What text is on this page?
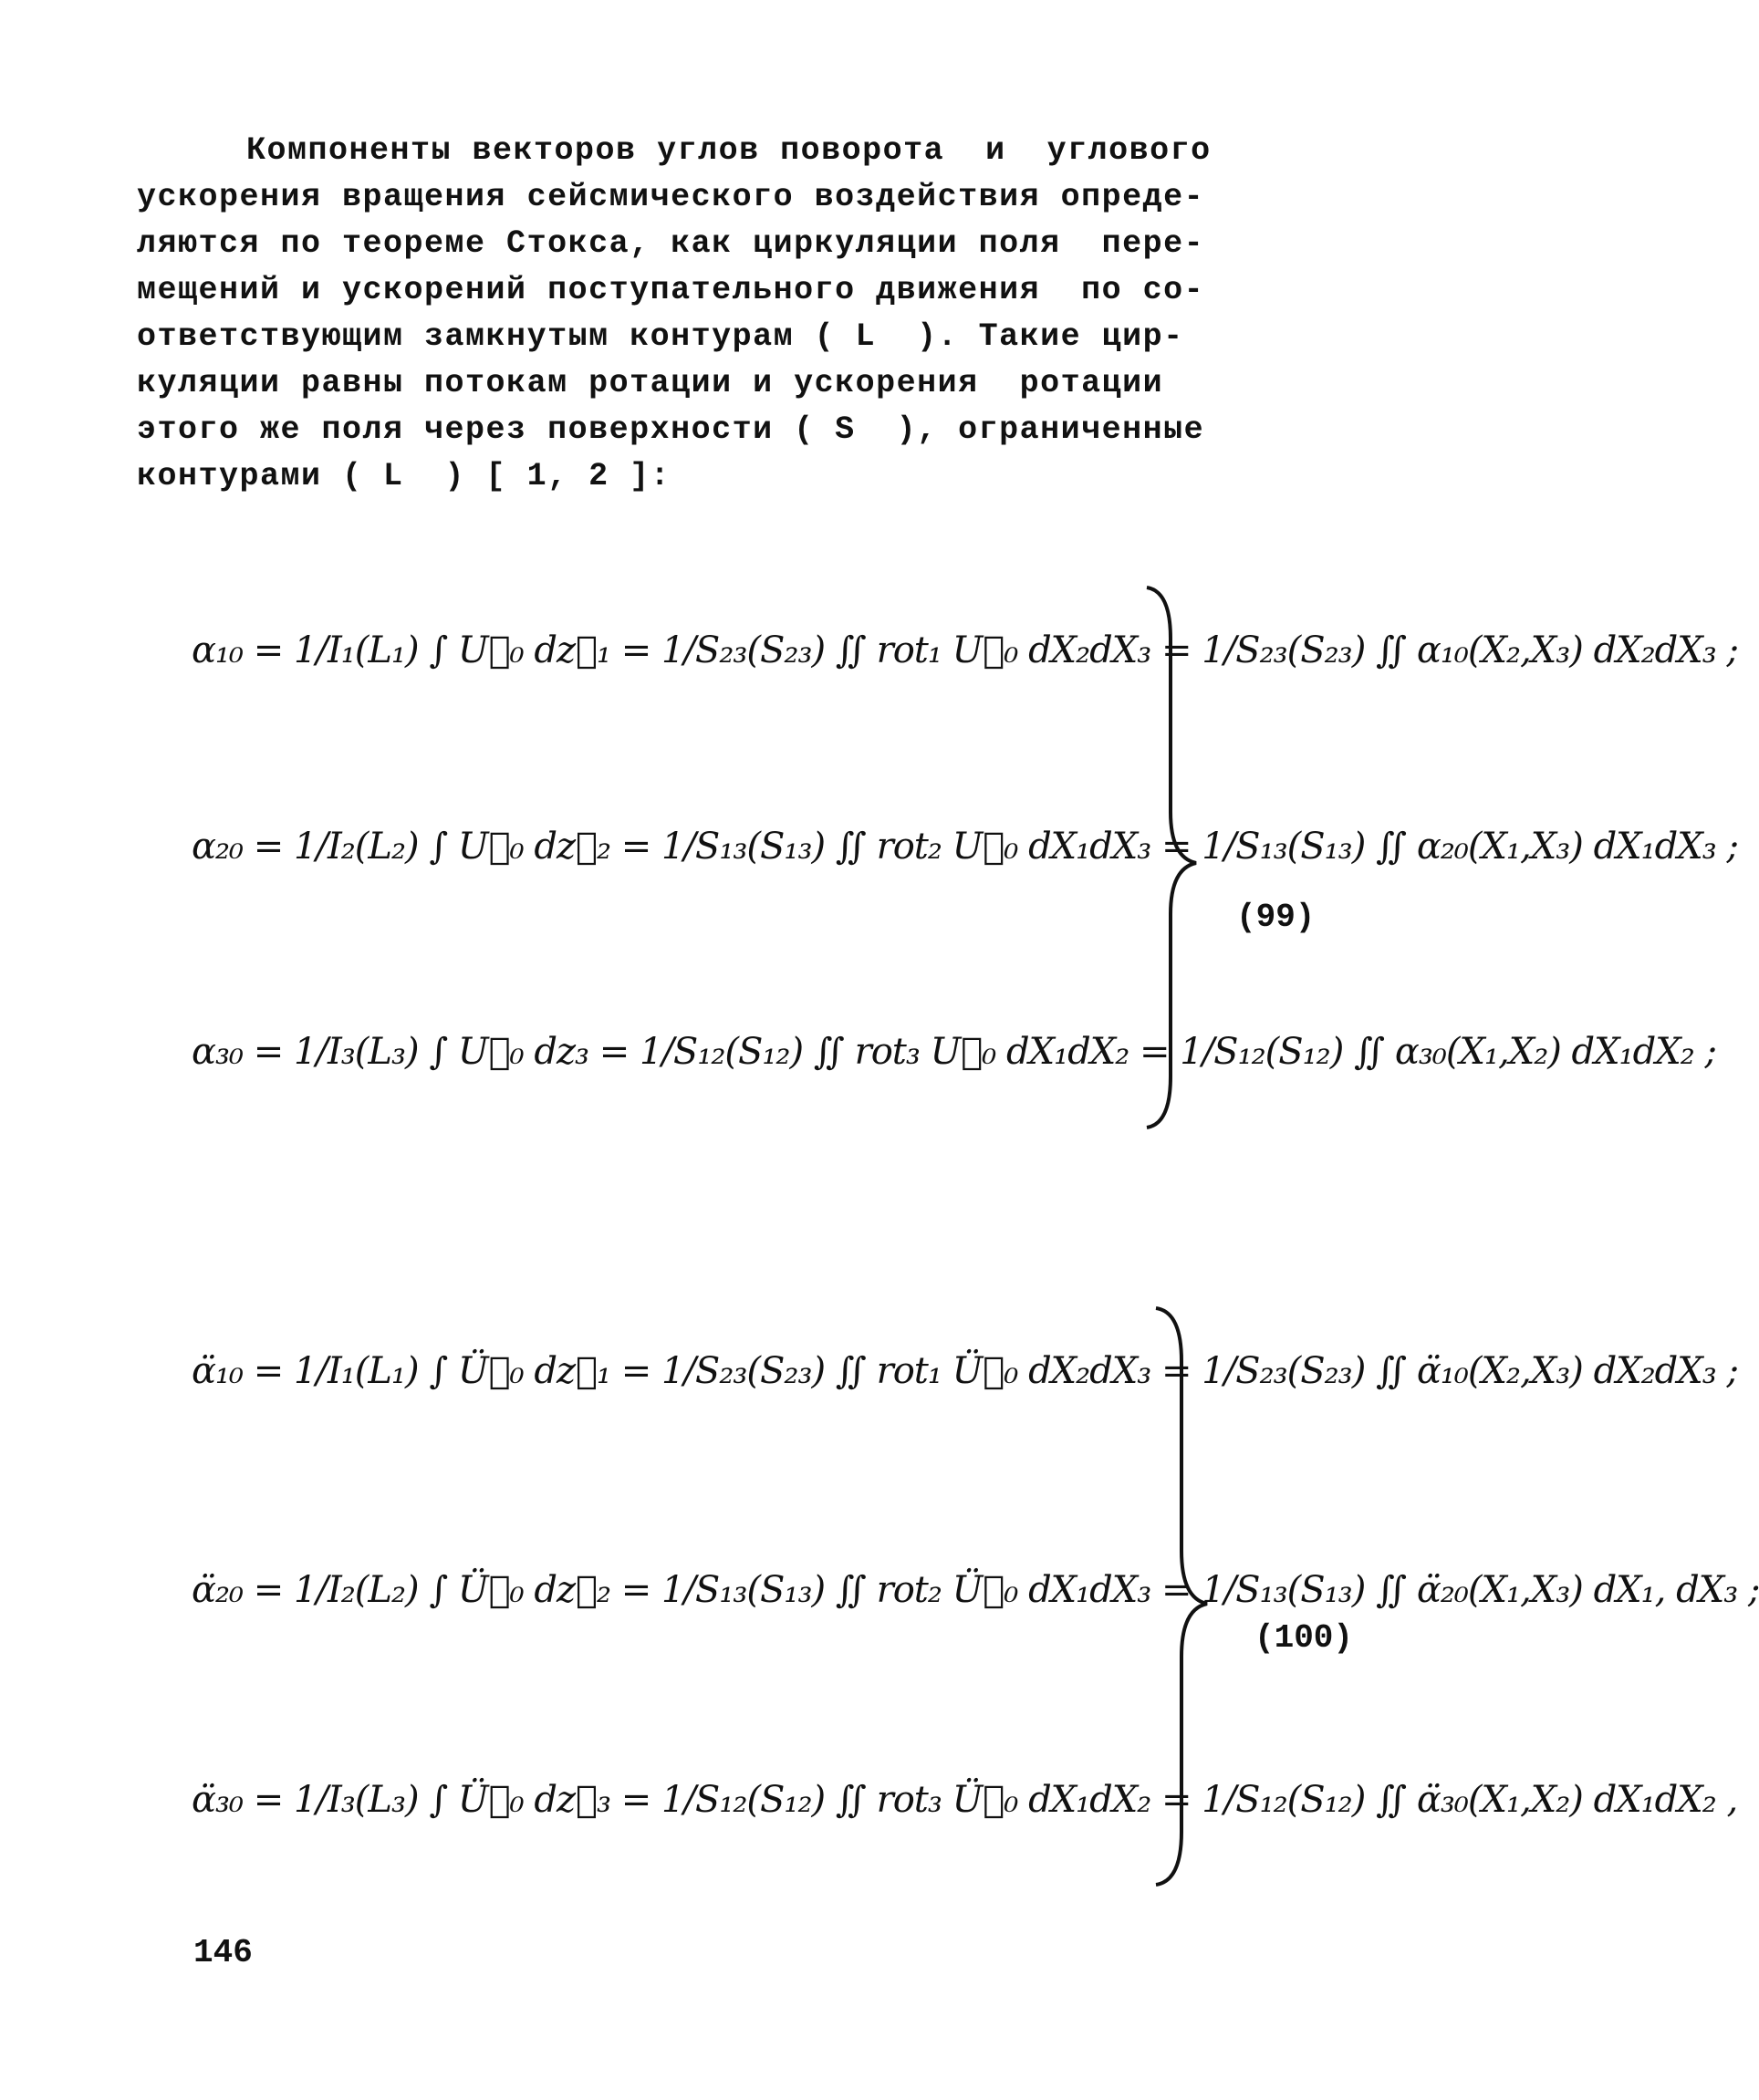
Компоненты векторов углов поворота  и  углового
ускорения вращения сейсмического воздействия опреде-
ляются по теореме Стокса, как циркуляции поля  пере-
мещений и ускорений поступательного движения  по со-
ответствующим замкнутым контурам ( L  ). Такие цир-
куляции равны потокам ротации и ускорения  ротации
этого же поля через поверхности ( S  ), ограниченные
контурами ( L  ) [ 1, 2 ]:
α₁₀ = 1/I₁(L₁) ∫ U⃗₀ dz⃗₁ = 1/S₂₃(S₂₃) ∬ rot₁ U⃗₀ dX₂dX₃ = 1/S₂₃(S₂₃) ∬ α₁₀(X₂,X₃) dX₂dX₃ ;
α₂₀ = 1/I₂(L₂) ∫ U⃗₀ dz⃗₂ = 1/S₁₃(S₁₃) ∬ rot₂ U⃗₀ dX₁dX₃ = 1/S₁₃(S₁₃) ∬ α₂₀(X₁,X₃) dX₁dX₃ ;
α₃₀ = 1/I₃(L₃) ∫ U⃗₀ dz₃ = 1/S₁₂(S₁₂) ∬ rot₃ U⃗₀ dX₁dX₂ = 1/S₁₂(S₁₂) ∬ α₃₀(X₁,X₂) dX₁dX₂ ;
(99)
α̈₁₀ = 1/I₁(L₁) ∫ Ü⃗₀ dz⃗₁ = 1/S₂₃(S₂₃) ∬ rot₁ Ü⃗₀ dX₂dX₃ = 1/S₂₃(S₂₃) ∬ α̈₁₀(X₂,X₃) dX₂dX₃ ;
α̈₂₀ = 1/I₂(L₂) ∫ Ü⃗₀ dz⃗₂ = 1/S₁₃(S₁₃) ∬ rot₂ Ü⃗₀ dX₁dX₃ = 1/S₁₃(S₁₃) ∬ α̈₂₀(X₁,X₃) dX₁, dX₃ ;
α̈₃₀ = 1/I₃(L₃) ∫ Ü⃗₀ dz⃗₃ = 1/S₁₂(S₁₂) ∬ rot₃ Ü⃗₀ dX₁dX₂ = 1/S₁₂(S₁₂) ∬ α̈₃₀(X₁,X₂) dX₁dX₂ ,
(100)
146
